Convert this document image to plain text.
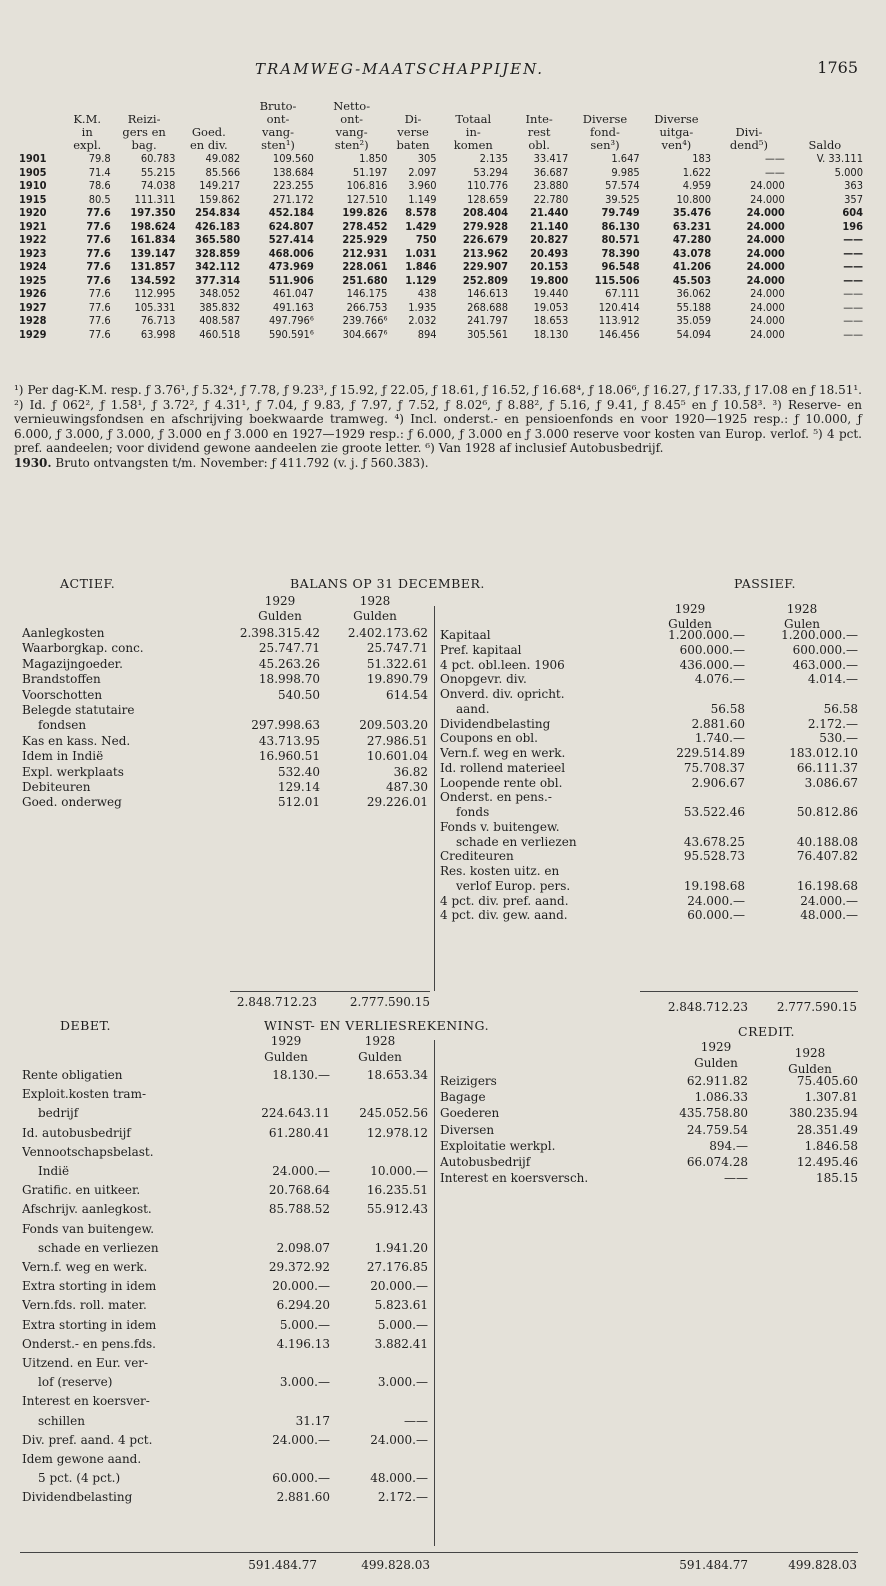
TRAMWEG-MAATSCHAPPIJEN.	1765
				Bruto-	Netto-							
	K.M.	Reizi-		ont-	ont-	Di-	Totaal	Inte-	Diverse	Diverse		
	in	gers en	Goed.	vang-	vang-	verse	in-	rest	fond-	uitga-	Divi-	
	expl.	bag.	en div.	sten¹)	sten²)	baten	komen	obl.	sen³)	ven⁴)	dend⁵)	Saldo
1901	79.8	60.783	49.082	109.560	1.850	305	2.135	33.417	1.647	183	——	V. 33.111
1905	71.4	55.215	85.566	138.684	51.197	2.097	53.294	36.687	9.985	1.622	——	5.000
1910	78.6	74.038	149.217	223.255	106.816	3.960	110.776	23.880	57.574	4.959	24.000	363
1915	80.5	111.311	159.862	271.172	127.510	1.149	128.659	22.780	39.525	10.800	24.000	357
1920	77.6	197.350	254.834	452.184	199.826	8.578	208.404	21.440	79.749	35.476	24.000	604
1921	77.6	198.624	426.183	624.807	278.452	1.429	279.928	21.140	86.130	63.231	24.000	196
1922	77.6	161.834	365.580	527.414	225.929	750	226.679	20.827	80.571	47.280	24.000	——
1923	77.6	139.147	328.859	468.006	212.931	1.031	213.962	20.493	78.390	43.078	24.000	——
1924	77.6	131.857	342.112	473.969	228.061	1.846	229.907	20.153	96.548	41.206	24.000	——
1925	77.6	134.592	377.314	511.906	251.680	1.129	252.809	19.800	115.506	45.503	24.000	——
1926	77.6	112.995	348.052	461.047	146.175	438	146.613	19.440	67.111	36.062	24.000	——
1927	77.6	105.331	385.832	491.163	266.753	1.935	268.688	19.053	120.414	55.188	24.000	——
1928	77.6	76.713	408.587	497.796⁶	239.766⁶	2.032	241.797	18.653	113.912	35.059	24.000	——
1929	77.6	63.998	460.518	590.591⁶	304.667⁶	894	305.561	18.130	146.456	54.094	24.000	——

¹) Per dag-K.M. resp. ƒ 3.76¹, ƒ 5.32⁴, ƒ 7.78, ƒ 9.23³, ƒ 15.92, ƒ 22.05, ƒ 18.61, ƒ 16.52, ƒ 16.68⁴, ƒ 18.06⁶, ƒ 16.27, ƒ 17.33, ƒ 17.08 en ƒ 18.51¹. ²) Id. ƒ 062², ƒ 1.58¹, ƒ 3.72², ƒ 4.31¹, ƒ 7.04, ƒ 9.83, ƒ 7.97, ƒ 7.52, ƒ 8.02⁶, ƒ 8.88², ƒ 5.16, ƒ 9.41, ƒ 8.45⁵ en ƒ 10.58³. ³) Reserve- en vernieuwingsfondsen en afschrijving boekwaarde tramweg. ⁴) Incl. onderst.- en pensioenfonds en voor 1920—1925 resp.: ƒ 10.000, ƒ 6.000, ƒ 3.000, ƒ 3.000, ƒ 3.000 en ƒ 3.000 en 1927—1929 resp.: ƒ 6.000, ƒ 3.000 en ƒ 3.000 reserve voor kosten van Europ. verlof. ⁵) 4 pct. pref. aandeelen; voor dividend gewone aandeelen zie groote letter. ⁶) Van 1928 af inclusief Autobusbedrijf.

1930. Bruto ontvangsten t/m. November: ƒ 411.792 (v. j. ƒ 560.383).

ACTIEF.	BALANS OP 31 DECEMBER.	PASSIEF.
1929	1928
Gulden	Gulden	1929	1928
Gulden	Gulen
Aanlegkosten	2.398.315.42	2.402.173.62
Waarborgkap. conc.	25.747.71	25.747.71
Magazijngoeder.	45.263.26	51.322.61
Brandstoffen	18.998.70	19.890.79
Voorschotten	540.50	614.54
Belegde statutaire
fondsen	297.998.63	209.503.20
Kas en kass. Ned.	43.713.95	27.986.51
Idem in Indië	16.960.51	10.601.04
Expl. werkplaats	532.40	36.82
Debiteuren	129.14	487.30
Goed. onderweg	512.01	29.226.01
Kapitaal	1.200.000.—	1.200.000.—
Pref. kapitaal	600.000.—	600.000.—
4 pct. obl.leen. 1906	436.000.—	463.000.—
Onopgevr. div.	4.076.—	4.014.—
Onverd. div. opricht.
aand.	56.58	56.58
Dividendbelasting	2.881.60	2.172.—
Coupons en obl.	1.740.—	530.—
Vern.f. weg en werk.	229.514.89	183.012.10
Id. rollend materieel	75.708.37	66.111.37
Loopende rente obl.	2.906.67	3.086.67
Onderst. en pens.-
fonds	53.522.46	50.812.86
Fonds v. buitengew.
schade en verliezen	43.678.25	40.188.08
Crediteuren	95.528.73	76.407.82
Res. kosten uitz. en
verlof Europ. pers.	19.198.68	16.198.68
4 pct. div. pref. aand.	24.000.—	24.000.—
4 pct. div. gew. aand.	60.000.—	48.000.—
2.848.712.23	2.777.590.15	2.848.712.23	2.777.590.15
DEBET.	WINST- EN VERLIESREKENING.	CREDIT.
1929	1928
Gulden	Gulden
1929	1928
Gulden	Gulden
Rente obligatien	18.130.—	18.653.34
Exploit.kosten tram-
bedrijf	224.643.11	245.052.56
Id. autobusbedrijf	61.280.41	12.978.12
Vennootschapsbelast.
Indië	24.000.—	10.000.—
Gratific. en uitkeer.	20.768.64	16.235.51
Afschrijv. aanlegkost.	85.788.52	55.912.43
Fonds van buitengew.
schade en verliezen	2.098.07	1.941.20
Vern.f. weg en werk.	29.372.92	27.176.85
Extra storting in idem	20.000.—	20.000.—
Vern.fds. roll. mater.	6.294.20	5.823.61
Extra storting in idem	5.000.—	5.000.—
Onderst.- en pens.fds.	4.196.13	3.882.41
Uitzend. en Eur. ver-
lof (reserve)	3.000.—	3.000.—
Interest en koersver-
schillen	31.17	——
Div. pref. aand. 4 pct.	24.000.—	24.000.—
Idem gewone aand.
5 pct. (4 pct.)	60.000.—	48.000.—
Dividendbelasting	2.881.60	2.172.—
Reizigers	62.911.82	75.405.60
Bagage	1.086.33	1.307.81
Goederen	435.758.80	380.235.94
Diversen	24.759.54	28.351.49
Exploitatie werkpl.	894.—	1.846.58
Autobusbedrijf	66.074.28	12.495.46
Interest en koersversch.	——	185.15
591.484.77	499.828.03	591.484.77	499.828.03
